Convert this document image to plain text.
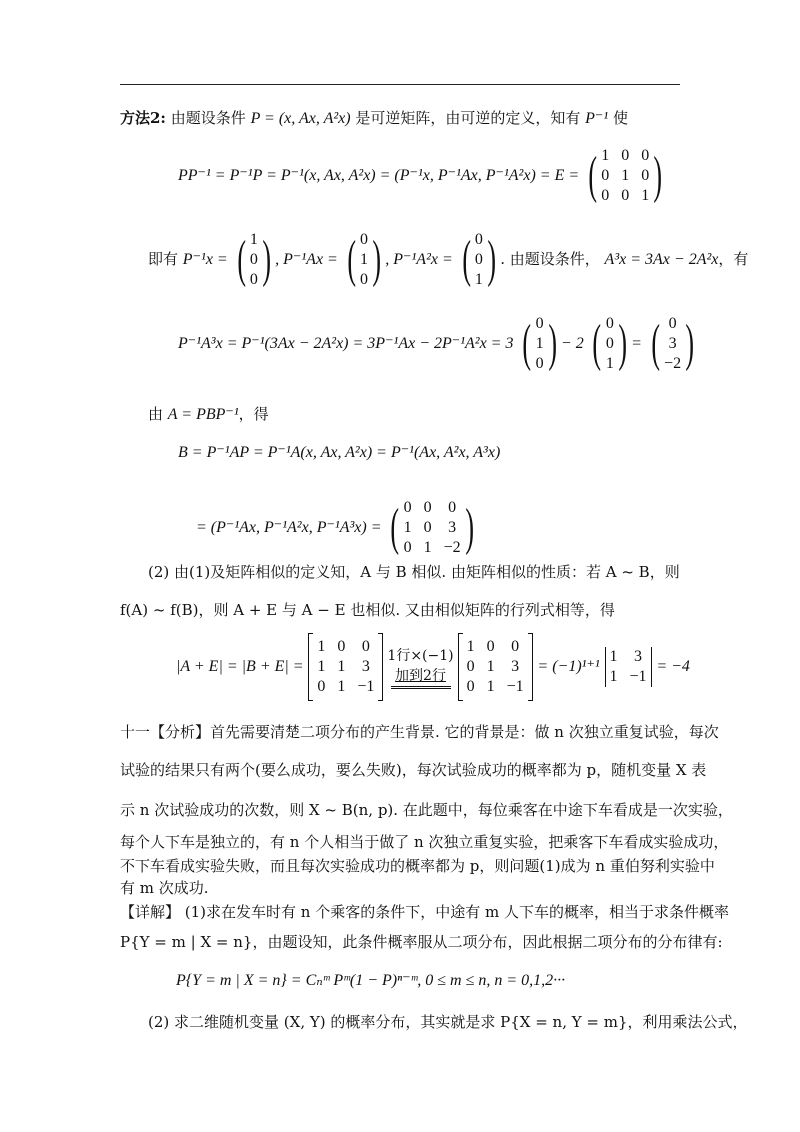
方法2: 由题设条件 P = (x, Ax, A²x) 是可逆矩阵，由可逆的定义，知有 P⁻¹ 使
PP⁻¹ = P⁻¹P = P⁻¹(x, Ax, A²x) = (P⁻¹x, P⁻¹Ax, P⁻¹A²x) = E = ( 1 0 0
0 1 0
0 0 1 )
即有 P⁻¹x = ( 1
0
0 ) , P⁻¹Ax = ( 0
1
0 ) , P⁻¹A²x = ( 0
0
1 ) . 由题设条件， A³x = 3Ax − 2A²x，有
P⁻¹A³x = P⁻¹(3Ax − 2A²x) = 3P⁻¹Ax − 2P⁻¹A²x = 3 ( 0
1
0 ) − 2 ( 0
0
1 ) = ( 0
3
−2 )
由 A = PBP⁻¹，得
B = P⁻¹AP = P⁻¹A(x, Ax, A²x) = P⁻¹(Ax, A²x, A³x)
= (P⁻¹Ax, P⁻¹A²x, P⁻¹A³x) = ( 0 0 0
1 0 3
0 1 −2 )
(2) 由(1)及矩阵相似的定义知，A 与 B 相似. 由矩阵相似的性质：若 A ~ B，则
f(A) ~ f(B)，则 A + E 与 A − E 也相似. 又由相似矩阵的行列式相等，得
|A + E| = |B + E| =

1 0 0
1 1 3
0 1 −1
1行×(−1)
加到2行
1 0 0
0 1 3
0 1 −1

= (−1)¹⁺¹

1 3
1 −1

= −4
十一【分析】首先需要清楚二项分布的产生背景. 它的背景是：做 n 次独立重复试验，每次
试验的结果只有两个(要么成功，要么失败)，每次试验成功的概率都为 p，随机变量 X 表
示 n 次试验成功的次数，则 X ~ B(n, p). 在此题中，每位乘客在中途下车看成是一次实验，
每个人下车是独立的，有 n 个人相当于做了 n 次独立重复实验，把乘客下车看成实验成功，
不下车看成实验失败，而且每次实验成功的概率都为 p，则问题(1)成为 n 重伯努利实验中
有 m 次成功.
【详解】 (1)求在发车时有 n 个乘客的条件下，中途有 m 人下车的概率，相当于求条件概率
P{Y = m | X = n}，由题设知，此条件概率服从二项分布，因此根据二项分布的分布律有:
P{Y = m | X = n} = Cₙᵐ Pᵐ(1 − P)ⁿ⁻ᵐ, 0 ≤ m ≤ n, n = 0,1,2···
(2) 求二维随机变量 (X, Y) 的概率分布，其实就是求 P{X = n, Y = m}，利用乘法公式，
